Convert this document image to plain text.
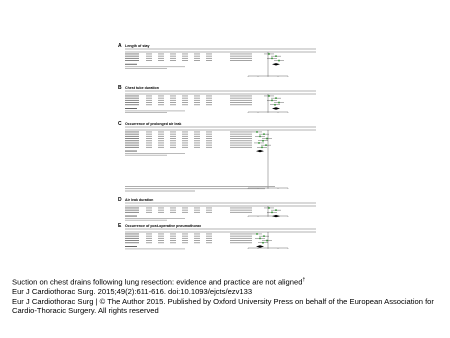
A Length of stay
B Chest tube duration
C Occurrence of prolonged air leak
D Air leak duration
E Occurrence of post-operative pneumothorax
Suction on chest drains following lung resection: evidence and practice are not aligned†
Eur J Cardiothorac Surg. 2015;49(2):611-616. doi:10.1093/ejcts/ezv133
Eur J Cardiothorac Surg | © The Author 2015. Published by Oxford University Press on behalf of the European Association for
Cardio-Thoracic Surgery. All rights reserved
